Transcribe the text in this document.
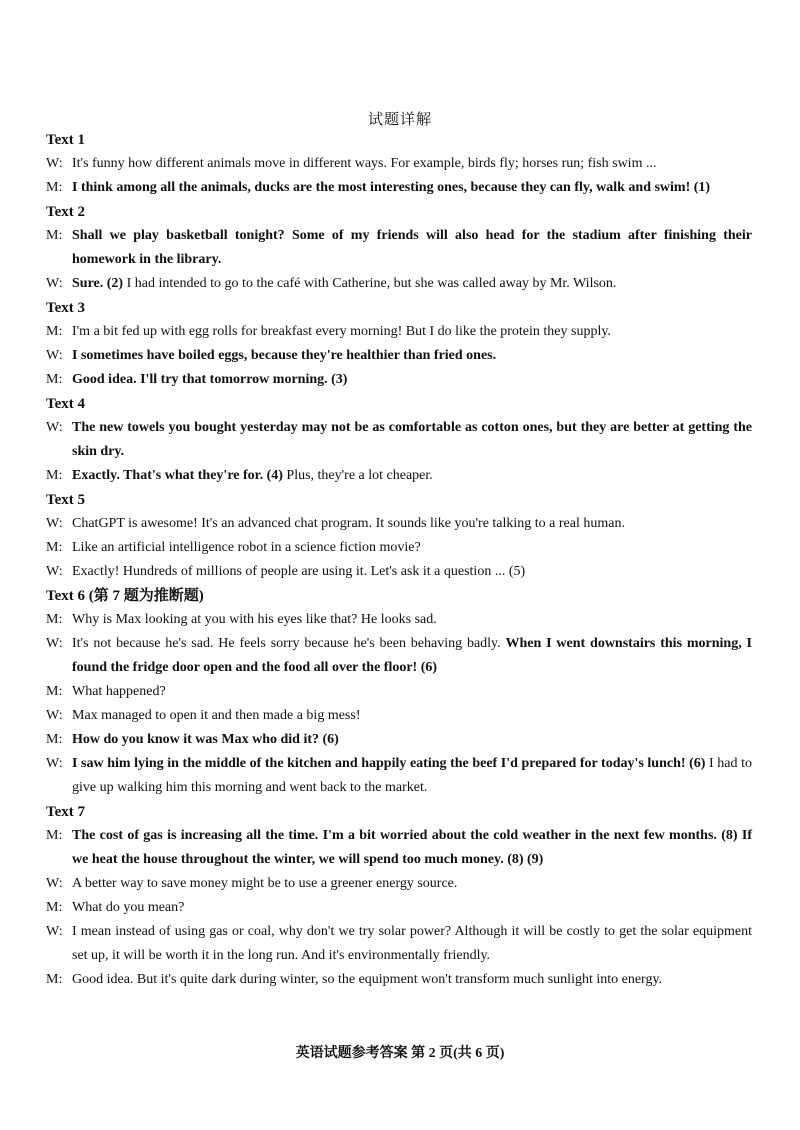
试题详解
Text 1
W: It's funny how different animals move in different ways. For example, birds fly; horses run; fish swim ...
M: I think among all the animals, ducks are the most interesting ones, because they can fly, walk and swim! (1)
Text 2
M: Shall we play basketball tonight? Some of my friends will also head for the stadium after finishing their homework in the library.
W: Sure. (2) I had intended to go to the café with Catherine, but she was called away by Mr. Wilson.
Text 3
M: I'm a bit fed up with egg rolls for breakfast every morning! But I do like the protein they supply.
W: I sometimes have boiled eggs, because they're healthier than fried ones.
M: Good idea. I'll try that tomorrow morning. (3)
Text 4
W: The new towels you bought yesterday may not be as comfortable as cotton ones, but they are better at getting the skin dry.
M: Exactly. That's what they're for. (4) Plus, they're a lot cheaper.
Text 5
W: ChatGPT is awesome! It's an advanced chat program. It sounds like you're talking to a real human.
M: Like an artificial intelligence robot in a science fiction movie?
W: Exactly! Hundreds of millions of people are using it. Let's ask it a question ... (5)
Text 6 (第 7 题为推断题)
M: Why is Max looking at you with his eyes like that? He looks sad.
W: It's not because he's sad. He feels sorry because he's been behaving badly. When I went downstairs this morning, I found the fridge door open and the food all over the floor! (6)
M: What happened?
W: Max managed to open it and then made a big mess!
M: How do you know it was Max who did it? (6)
W: I saw him lying in the middle of the kitchen and happily eating the beef I'd prepared for today's lunch! (6) I had to give up walking him this morning and went back to the market.
Text 7
M: The cost of gas is increasing all the time. I'm a bit worried about the cold weather in the next few months. (8) If we heat the house throughout the winter, we will spend too much money. (8) (9)
W: A better way to save money might be to use a greener energy source.
M: What do you mean?
W: I mean instead of using gas or coal, why don't we try solar power? Although it will be costly to get the solar equipment set up, it will be worth it in the long run. And it's environmentally friendly.
M: Good idea. But it's quite dark during winter, so the equipment won't transform much sunlight into energy.
英语试题参考答案 第 2 页(共 6 页)
